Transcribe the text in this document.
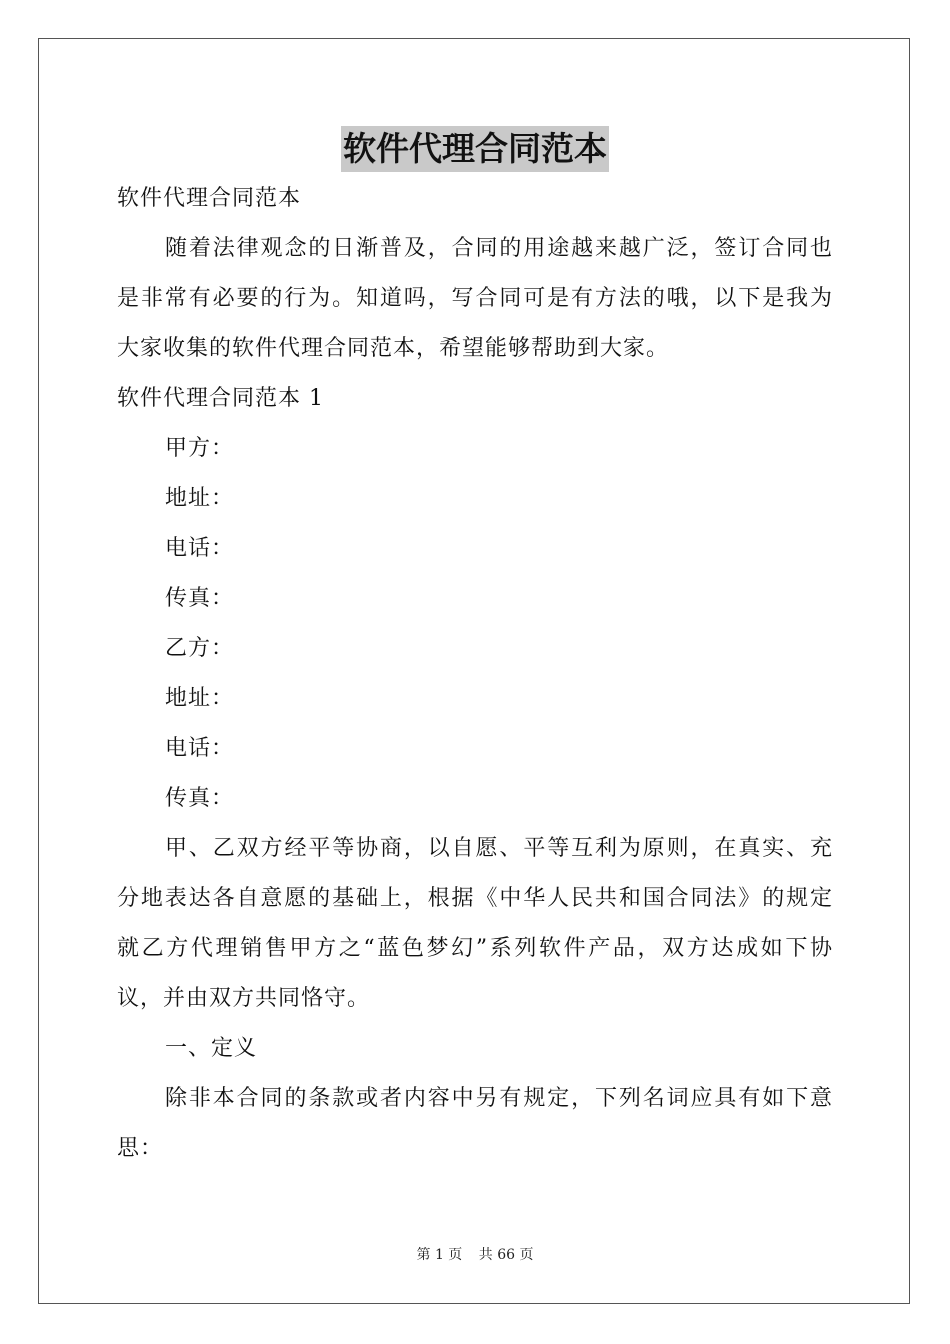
软件代理合同范本
软件代理合同范本
随着法律观念的日渐普及，合同的用途越来越广泛，签订合同也
是非常有必要的行为。知道吗，写合同可是有方法的哦，以下是我为
大家收集的软件代理合同范本，希望能够帮助到大家。
软件代理合同范本 1
甲方：
地址：
电话：
传真：
乙方：
地址：
电话：
传真：
甲、乙双方经平等协商，以自愿、平等互利为原则，在真实、充
分地表达各自意愿的基础上，根据《中华人民共和国合同法》的规定
就乙方代理销售甲方之“蓝色梦幻”系列软件产品，双方达成如下协
议，并由双方共同恪守。
一、定义
除非本合同的条款或者内容中另有规定，下列名词应具有如下意
思：
第 1 页 共 66 页
